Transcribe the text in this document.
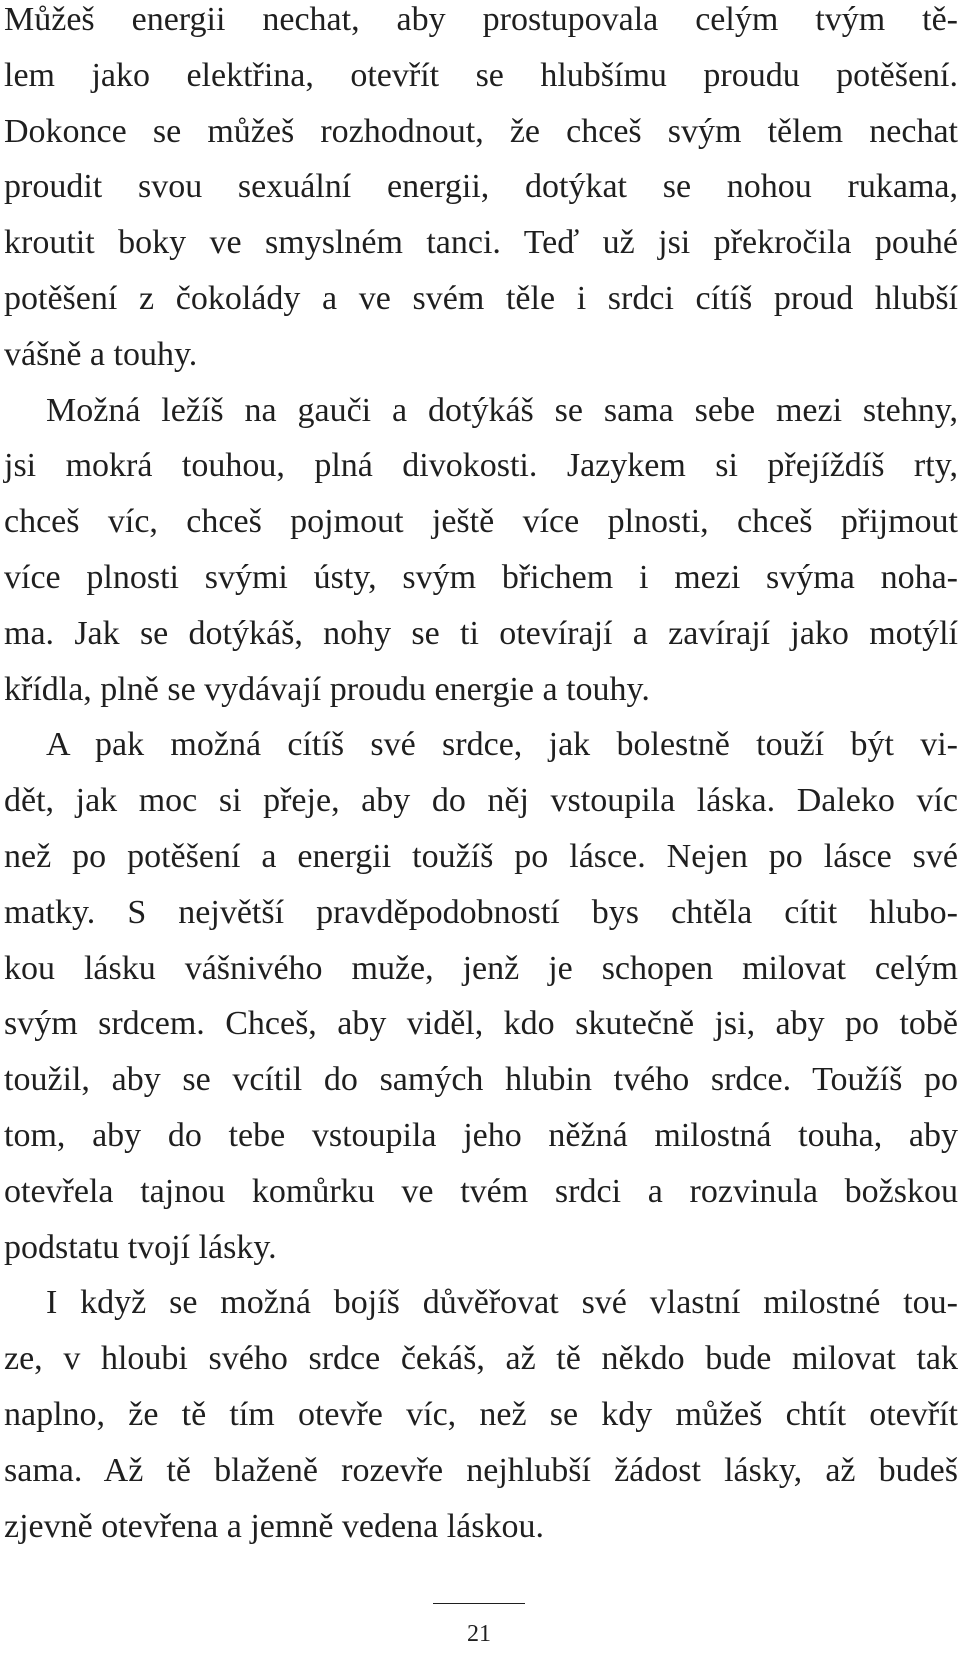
Můžeš energii nechat, aby prostupovala celým tvým tě-
lem jako elektřina, otevřít se hlubšímu proudu potěšení.
Dokonce se můžeš rozhodnout, že chceš svým tělem nechat
proudit svou sexuální energii, dotýkat se nohou rukama,
kroutit boky ve smyslném tanci. Teď už jsi překročila pouhé
potěšení z čokolády a ve svém těle i srdci cítíš proud hlubší
vášně a touhy.

Možná ležíš na gauči a dotýkáš se sama sebe mezi stehny,
jsi mokrá touhou, plná divokosti. Jazykem si přejíždíš rty,
chceš víc, chceš pojmout ještě více plnosti, chceš přijmout
více plnosti svými ústy, svým břichem i mezi svýma noha-
ma. Jak se dotýkáš, nohy se ti otevírají a zavírají jako motýlí
křídla, plně se vydávají proudu energie a touhy.

A pak možná cítíš své srdce, jak bolestně touží být vi-
dět, jak moc si přeje, aby do něj vstoupila láska. Daleko víc
než po potěšení a energii toužíš po lásce. Nejen po lásce své
matky. S největší pravděpodobností bys chtěla cítit hlubo-
kou lásku vášnivého muže, jenž je schopen milovat celým
svým srdcem. Chceš, aby viděl, kdo skutečně jsi, aby po tobě
toužil, aby se vcítil do samých hlubin tvého srdce. Toužíš po
tom, aby do tebe vstoupila jeho něžná milostná touha, aby
otevřela tajnou komůrku ve tvém srdci a rozvinula božskou
podstatu tvojí lásky.

I když se možná bojíš důvěřovat své vlastní milostné tou-
ze, v hloubi svého srdce čekáš, až tě někdo bude milovat tak
naplno, že tě tím otevře víc, než se kdy můžeš chtít otevřít
sama. Až tě blaženě rozevře nejhlubší žádost lásky, až budeš
zjevně otevřena a jemně vedena láskou.

21
